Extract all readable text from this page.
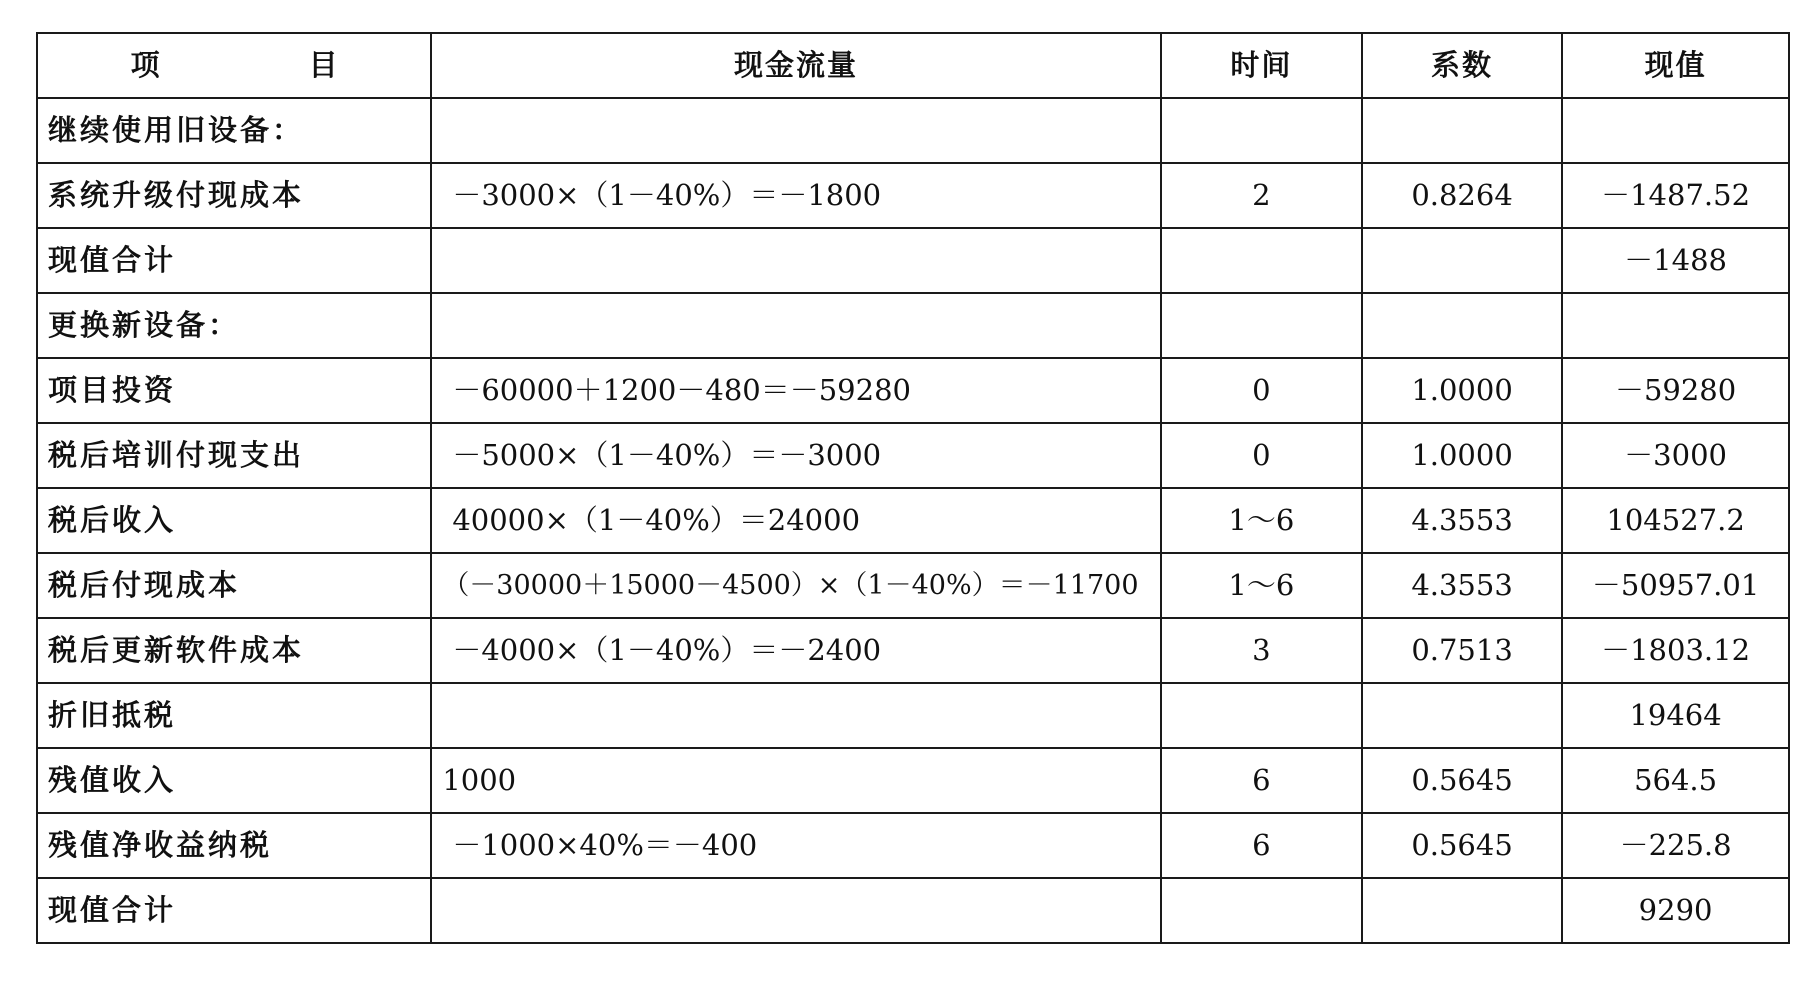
项　目	现金流量	时间	系数	现值
继续使用旧设备：				
系统升级付现成本	－3000×（1－40%）＝－1800	2	0.8264	－1487.52
现值合计				－1488
更换新设备：				
项目投资	－60000＋1200－480＝－59280	0	1.0000	－59280
税后培训付现支出	－5000×（1－40%）＝－3000	0	1.0000	－3000
税后收入	40000×（1－40%）＝24000	1～6	4.3553	104527.2
税后付现成本	（－30000＋15000－4500）×（1－40%）＝－11700	1～6	4.3553	－50957.01
税后更新软件成本	－4000×（1－40%）＝－2400	3	0.7513	－1803.12
折旧抵税				19464
残值收入	1000	6	0.5645	564.5
残值净收益纳税	－1000×40%＝－400	6	0.5645	－225.8
现值合计				9290
